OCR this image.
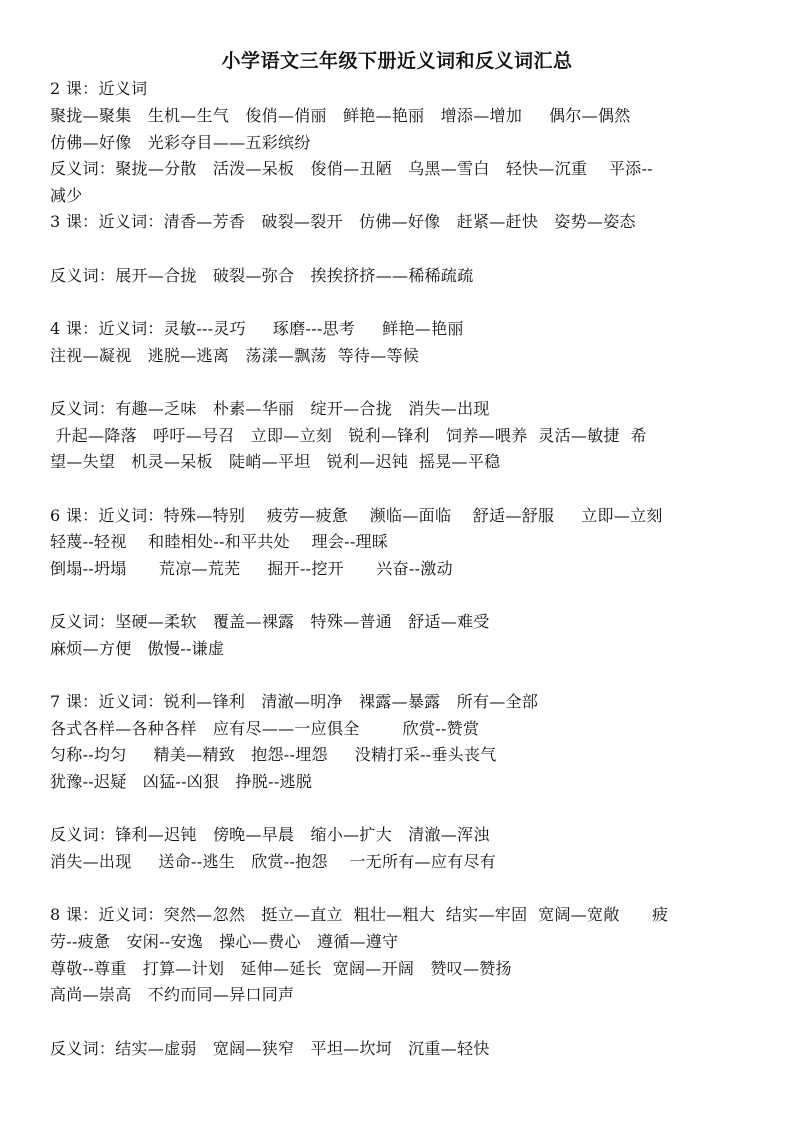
小学语文三年级下册近义词和反义词汇总
2 课：近义词
聚拢—聚集   生机—生气   俊俏—俏丽   鲜艳—艳丽   增添—增加     偶尔—偶然
仿佛—好像   光彩夺目——五彩缤纷
反义词：聚拢—分散   活泼—呆板   俊俏—丑陋   乌黑—雪白   轻快—沉重    平添--
减少
3 课：近义词：清香—芳香   破裂—裂开   仿佛—好像   赶紧—赶快   姿势—姿态
反义词：展开—合拢   破裂—弥合   挨挨挤挤——稀稀疏疏
4 课：近义词：灵敏---灵巧     琢磨---思考     鲜艳—艳丽
注视—凝视   逃脱—逃离   荡漾—飘荡  等待—等候
反义词：有趣—乏味   朴素—华丽   绽开—合拢   消失—出现
升起—降落   呼吁—号召   立即—立刻   锐利—锋利   饲养—喂养  灵活—敏捷  希
望—失望   机灵—呆板   陡峭—平坦   锐利—迟钝  摇晃—平稳
6 课：近义词：特殊—特别    疲劳—疲惫    濒临—面临    舒适—舒服     立即—立刻
轻蔑--轻视    和睦相处--和平共处    理会--理睬
倒塌--坍塌      荒凉—荒芜     掘开--挖开      兴奋--激动
反义词：坚硬—柔软   覆盖—裸露   特殊—普通   舒适—难受
麻烦—方便   傲慢--谦虚
7 课：近义词：锐利—锋利   清澈—明净   裸露—暴露   所有—全部
各式各样—各种各样   应有尽——一应俱全        欣赏--赞赏
匀称--均匀     精美—精致   抱怨--埋怨     没精打采--垂头丧气
犹豫--迟疑   凶猛--凶狠   挣脱--逃脱
反义词：锋利—迟钝   傍晚—早晨   缩小—扩大   清澈—浑浊
消失—出现     送命--逃生   欣赏--抱怨    一无所有—应有尽有
8 课：近义词：突然—忽然   挺立—直立  粗壮—粗大  结实—牢固  宽阔—宽敞      疲
劳--疲惫   安闲--安逸   操心—费心   遵循—遵守
尊敬--尊重   打算—计划   延伸—延长  宽阔—开阔   赞叹—赞扬
高尚—崇高   不约而同—异口同声
反义词：结实—虚弱   宽阔—狭窄   平坦—坎坷   沉重—轻快
